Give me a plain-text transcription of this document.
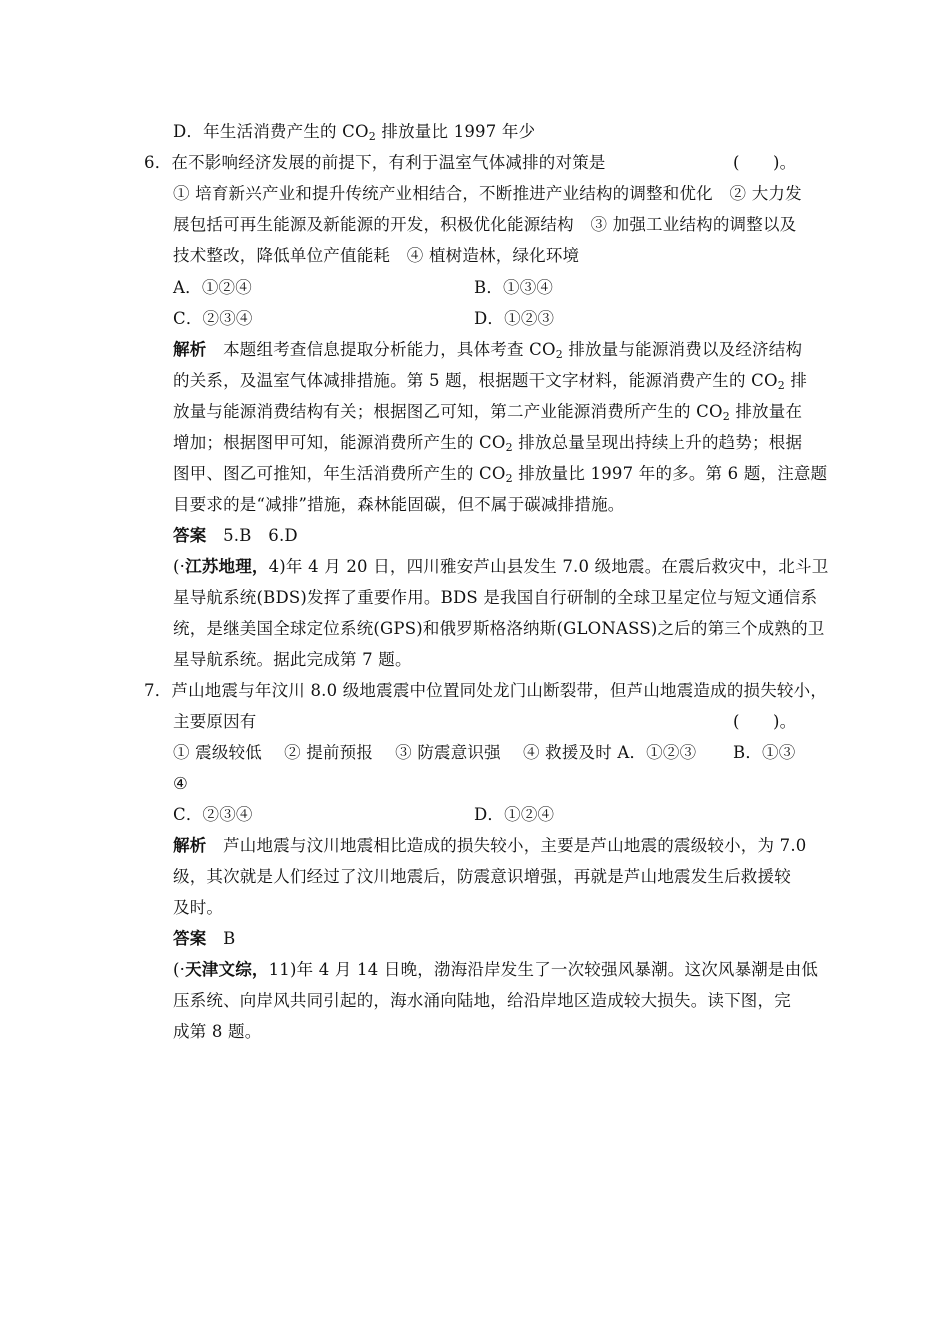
D．年生活消费产生的 $CO_2$ 排放量比 1997 年少
6．在不影响经济发展的前提下，有利于温室气体减排的对策是	(　　)。
① 培育新兴产业和提升传统产业相结合，不断推进产业结构的调整和优化　② 大力发
展包括可再生能源及新能源的开发，积极优化能源结构　③ 加强工业结构的调整以及
技术整改，降低单位产值能耗　④ 植树造林，绿化环境
A．①②④	B．①③④
C．②③④	D．①②③
解析　本题组考查信息提取分析能力，具体考查 $CO_2$ 排放量与能源消费以及经济结构
的关系，及温室气体减排措施。第 5 题，根据题干文字材料，能源消费产生的 $CO_2$ 排
放量与能源消费结构有关；根据图乙可知，第二产业能源消费所产生的 $CO_2$ 排放量在
增加；根据图甲可知，能源消费所产生的 $CO_2$ 排放总量呈现出持续上升的趋势；根据
图甲、图乙可推知，年生活消费所产生的 $CO_2$ 排放量比 1997 年的多。第 6 题，注意题
目要求的是“减排”措施，森林能固碳，但不属于碳减排措施。
答案　5.B　6.D
(·江苏地理，4)年 4 月 20 日，四川雅安芦山县发生 7.0 级地震。在震后救灾中，北斗卫
星导航系统(BDS)发挥了重要作用。BDS 是我国自行研制的全球卫星定位与短文通信系
统，是继美国全球定位系统(GPS)和俄罗斯格洛纳斯(GLONASS)之后的第三个成熟的卫
星导航系统。据此完成第 7 题。
7．芦山地震与年汶川 8.0 级地震震中位置同处龙门山断裂带，但芦山地震造成的损失较小，
主要原因有	(　　)。
① 震级较低　 ② 提前预报　 ③ 防震意识强　 ④ 救援及时 A．①②③ B．①③
④
C．②③④	D．①②④
解析　芦山地震与汶川地震相比造成的损失较小，主要是芦山地震的震级较小，为 7.0
级，其次就是人们经过了汶川地震后，防震意识增强，再就是芦山地震发生后救援较
及时。
答案　B
(·天津文综，11)年 4 月 14 日晚，渤海沿岸发生了一次较强风暴潮。这次风暴潮是由低
压系统、向岸风共同引起的，海水涌向陆地，给沿岸地区造成较大损失。读下图，完
成第 8 题。
